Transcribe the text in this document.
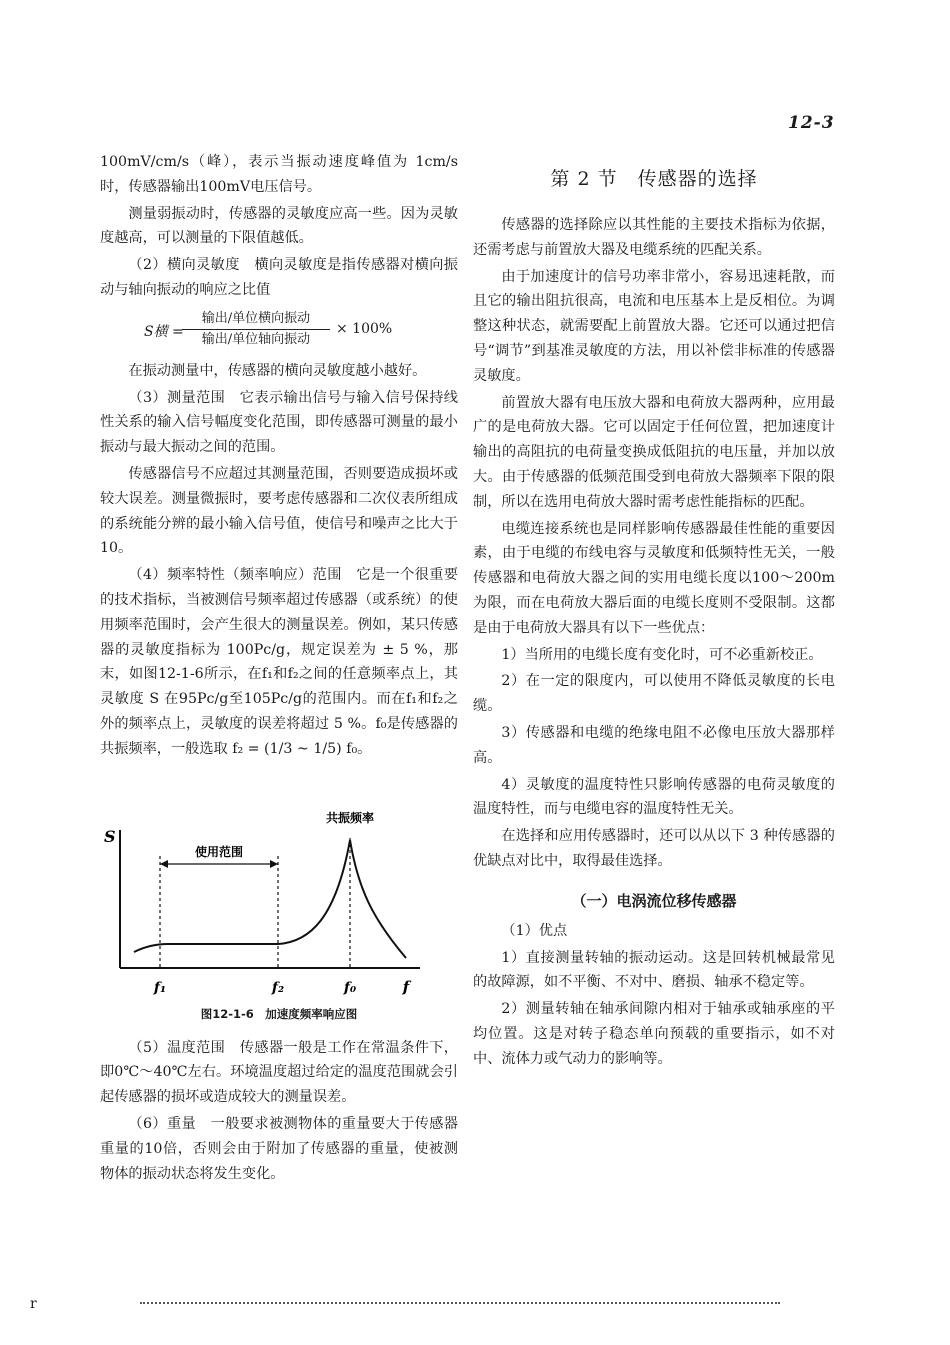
12-3

100mV/cm/s（峰），表示当振动速度峰值为 1cm/s 时，传感器输出100mV电压信号。

测量弱振动时，传感器的灵敏度应高一些。因为灵敏度越高，可以测量的下限值越低。

（2）横向灵敏度　横向灵敏度是指传感器对横向振动与轴向振动的响应之比值

S横 =
输出/单位横向振动
输出/单位轴向振动
× 100%

在振动测量中，传感器的横向灵敏度越小越好。

（3）测量范围　它表示输出信号与输入信号保持线性关系的输入信号幅度变化范围，即传感器可测量的最小振动与最大振动之间的范围。

传感器信号不应超过其测量范围，否则要造成损坏或较大误差。测量微振时，要考虑传感器和二次仪表所组成的系统能分辨的最小输入信号值，使信号和噪声之比大于10。

（4）频率特性（频率响应）范围　它是一个很重要的技术指标，当被测信号频率超过传感器（或系统）的使用频率范围时，会产生很大的测量误差。例如，某只传感器的灵敏度指标为 100Pc/g，规定误差为 ± 5 %，那末，如图12-1-6所示，在f₁和f₂之间的任意频率点上，其灵敏度 S 在95Pc/g至105Pc/g的范围内。而在f₁和f₂之外的频率点上，灵敏度的误差将超过 5 %。f₀是传感器的共振频率，一般选取 f₂ = (1/3 ~ 1/5) f₀。

S
使用范围
共振频率
f₁	f₂	f₀	f
图12-1-6　加速度频率响应图

（5）温度范围　传感器一般是工作在常温条件下，即0℃～40℃左右。环境温度超过给定的温度范围就会引起传感器的损坏或造成较大的测量误差。

（6）重量　一般要求被测物体的重量要大于传感器重量的10倍，否则会由于附加了传感器的重量，使被测物体的振动状态将发生变化。

第 2 节　传感器的选择

传感器的选择除应以其性能的主要技术指标为依据，还需考虑与前置放大器及电缆系统的匹配关系。

由于加速度计的信号功率非常小，容易迅速耗散，而且它的输出阻抗很高，电流和电压基本上是反相位。为调整这种状态，就需要配上前置放大器。它还可以通过把信号“调节”到基准灵敏度的方法，用以补偿非标准的传感器灵敏度。

前置放大器有电压放大器和电荷放大器两种，应用最广的是电荷放大器。它可以固定于任何位置，把加速度计输出的高阻抗的电荷量变换成低阻抗的电压量，并加以放大。由于传感器的低频范围受到电荷放大器频率下限的限制，所以在选用电荷放大器时需考虑性能指标的匹配。

电缆连接系统也是同样影响传感器最佳性能的重要因素，由于电缆的布线电容与灵敏度和低频特性无关，一般传感器和电荷放大器之间的实用电缆长度以100～200m为限，而在电荷放大器后面的电缆长度则不受限制。这都是由于电荷放大器具有以下一些优点：

1）当所用的电缆长度有变化时，可不必重新校正。

2）在一定的限度内，可以使用不降低灵敏度的长电缆。

3）传感器和电缆的绝缘电阻不必像电压放大器那样高。

4）灵敏度的温度特性只影响传感器的电荷灵敏度的温度特性，而与电缆电容的温度特性无关。

在选择和应用传感器时，还可以从以下 3 种传感器的优缺点对比中，取得最佳选择。

（一）电涡流位移传感器

（1）优点

1）直接测量转轴的振动运动。这是回转机械最常见的故障源，如不平衡、不对中、磨损、轴承不稳定等。

2）测量转轴在轴承间隙内相对于轴承或轴承座的平均位置。这是对转子稳态单向预载的重要指示，如不对中、流体力或气动力的影响等。

r
